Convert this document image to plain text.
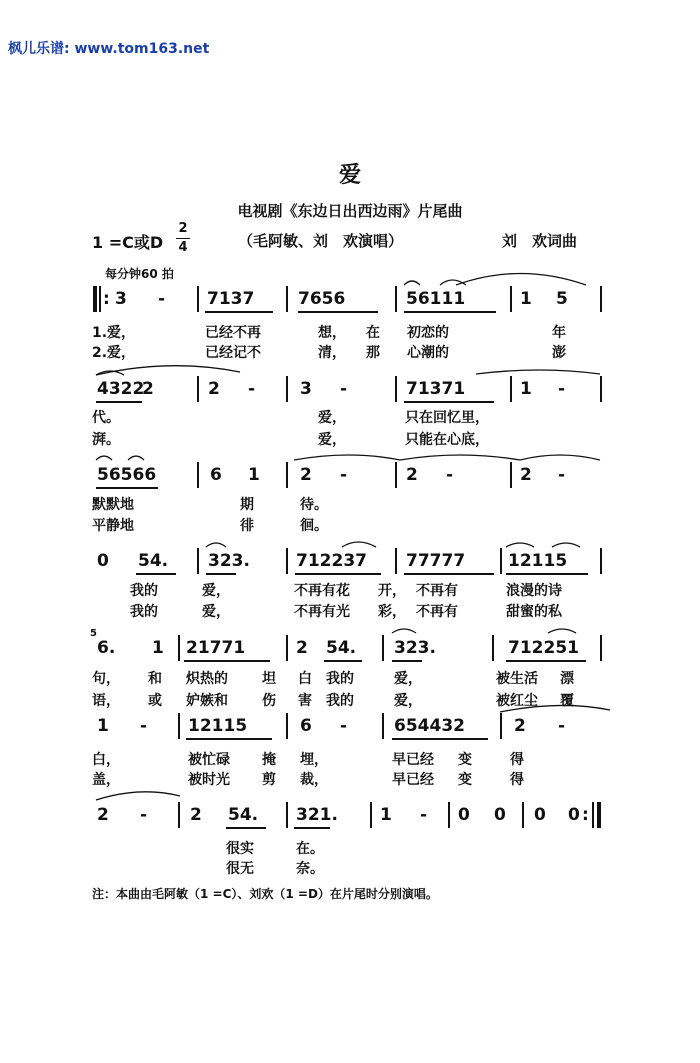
枫儿乐谱: www.tom163.net
爱
电视剧《东边日出西边雨》片尾曲
1 =C或D
2
4	（毛阿敏、刘　欢演唱）	刘　欢词曲
每分钟60 拍
: 3 - 7137	7656	56111	1 5
1.爱，	已经不再	想， 在 初恋的	年
2.爱，	已经记不	清， 那 心潮的	澎
4322
2	2 -	3 -	71371	1 -
代。	爱，	只在回忆里，
湃。	爱，	只能在心底，
56566	6 1 2 -	2 -	2 -
默默地	期	待。
平静地	徘	徊。
0 54. 323.	712237 77777	12115
我的	爱，	不再有花 开， 不再有	浪漫的诗
我的	爱，	不再有光 彩， 不再有	甜蜜的私
5
6. 1 21771	2 54. 323.	712251
句， 和 炽热的 坦 白 我的	爱，	被生活 漂
语， 或 妒嫉和 伤 害 我的	爱，	被红尘 覆
1 - 12115	6 -	654432	2 -
白，	被忙碌 掩 埋，	早已经 变	得
盖，	被时光 剪 裁，	早已经 变	得
2 -	2 54. 321. 1 - 0 0 0 0 :
很实	在。
很无	奈。
注：本曲由毛阿敏（1 =C）、刘欢（1 =D）在片尾时分别演唱。
